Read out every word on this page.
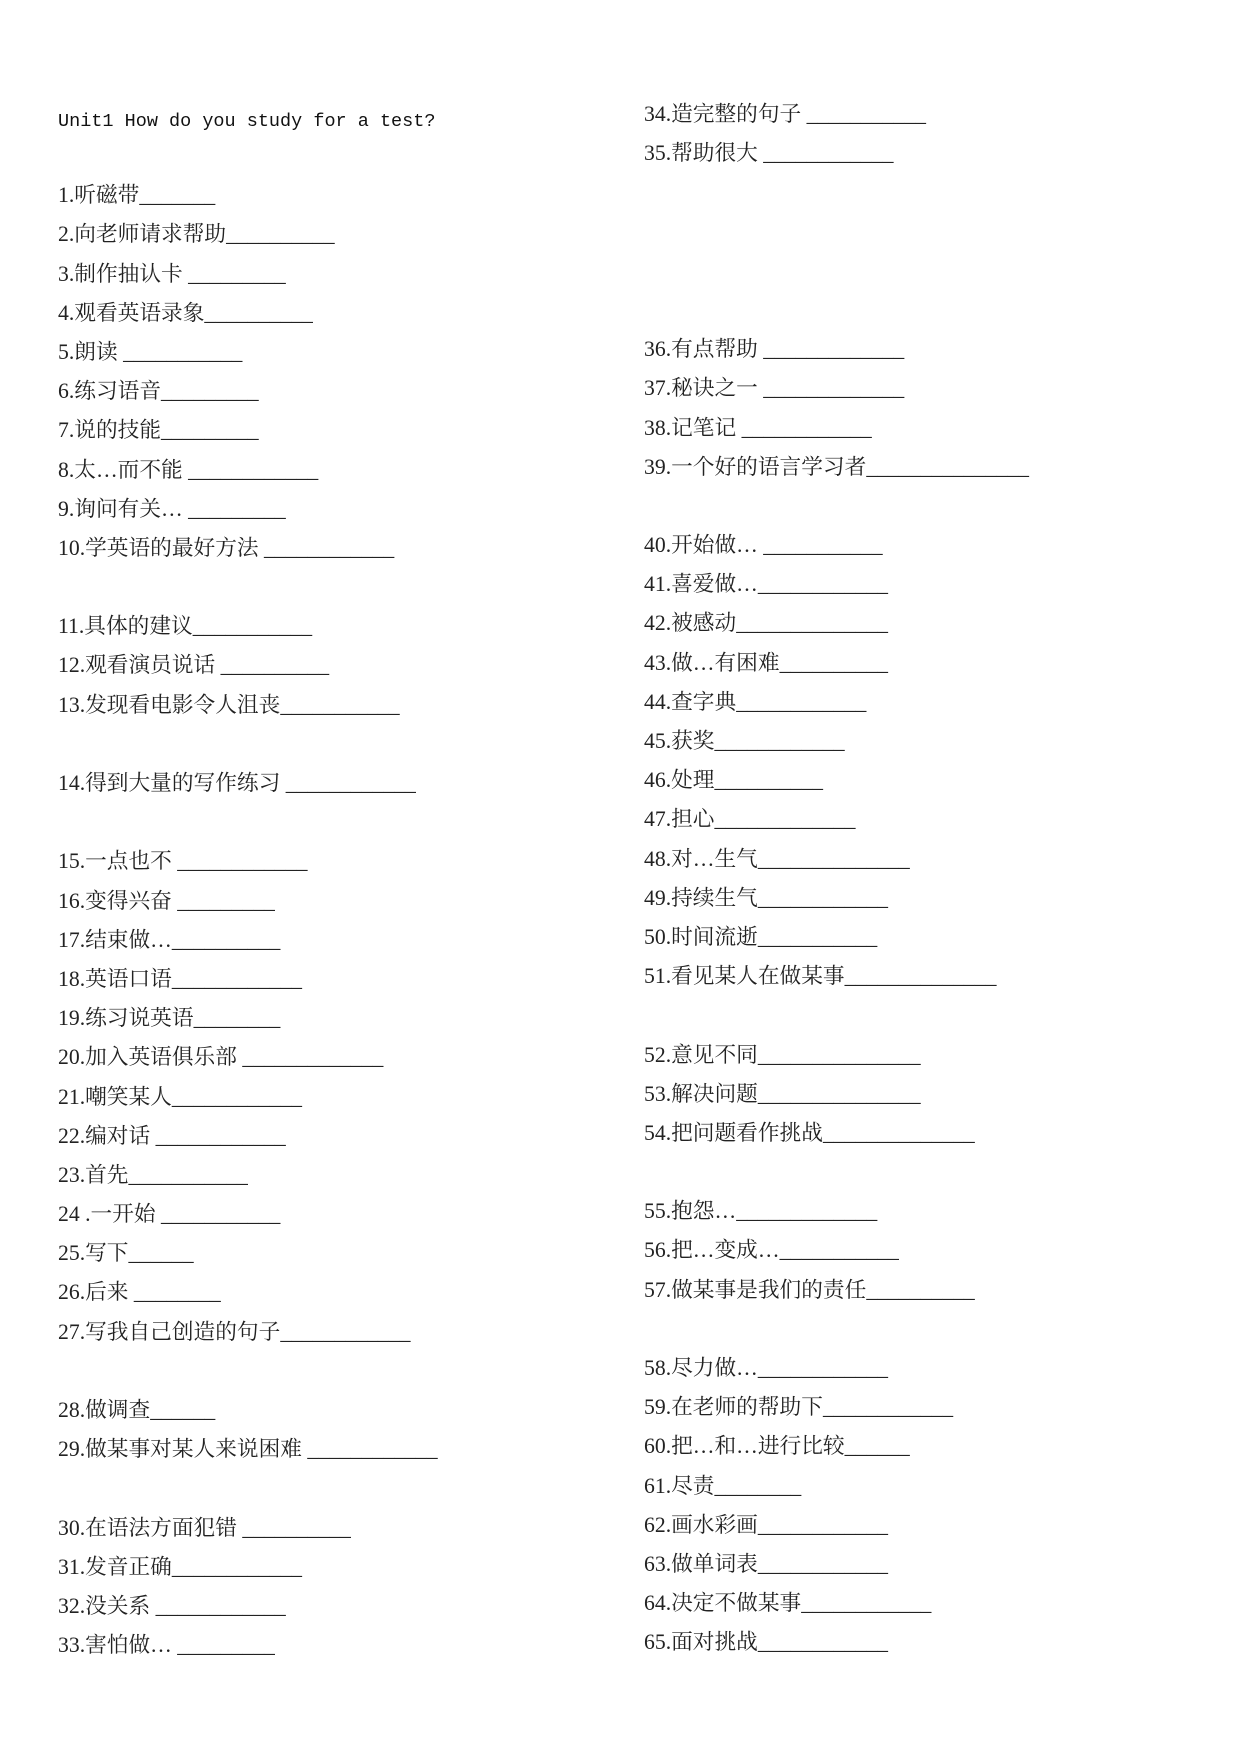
Unit1 How do you study for a test?
1.听磁带_______
2.向老师请求帮助__________
3.制作抽认卡 _________
4.观看英语录象__________
5.朗读 ___________
6.练习语音_________
7.说的技能_________
8.太…而不能 ____________
9.询问有关… _________
10.学英语的最好方法 ____________
11.具体的建议___________
12.观看演员说话 __________
13.发现看电影令人沮丧___________
14.得到大量的写作练习 ____________
15.一点也不 ____________
16.变得兴奋 _________
17.结束做…__________
18.英语口语____________
19.练习说英语________
20.加入英语俱乐部 _____________
21.嘲笑某人____________
22.编对话 ____________
23.首先___________
24 .一开始 ___________
25.写下______
26.后来 ________
27.写我自己创造的句子____________
28.做调查______
29.做某事对某人来说困难 ____________
30.在语法方面犯错 __________
31.发音正确____________
32.没关系 ____________
33.害怕做… _________
34.造完整的句子 ___________
35.帮助很大 ____________
36.有点帮助 _____________
37.秘诀之一 _____________
38.记笔记 ____________
39.一个好的语言学习者_______________
40.开始做… ___________
41.喜爱做…____________
42.被感动______________
43.做…有困难__________
44.查字典____________
45.获奖____________
46.处理__________
47.担心_____________
48.对…生气______________
49.持续生气____________
50.时间流逝___________
51.看见某人在做某事______________
52.意见不同_______________
53.解决问题_______________
54.把问题看作挑战______________
55.抱怨…_____________
56.把…变成…___________
57.做某事是我们的责任__________
58.尽力做…____________
59.在老师的帮助下____________
60.把…和…进行比较______
61.尽责________
62.画水彩画____________
63.做单词表____________
64.决定不做某事____________
65.面对挑战____________
